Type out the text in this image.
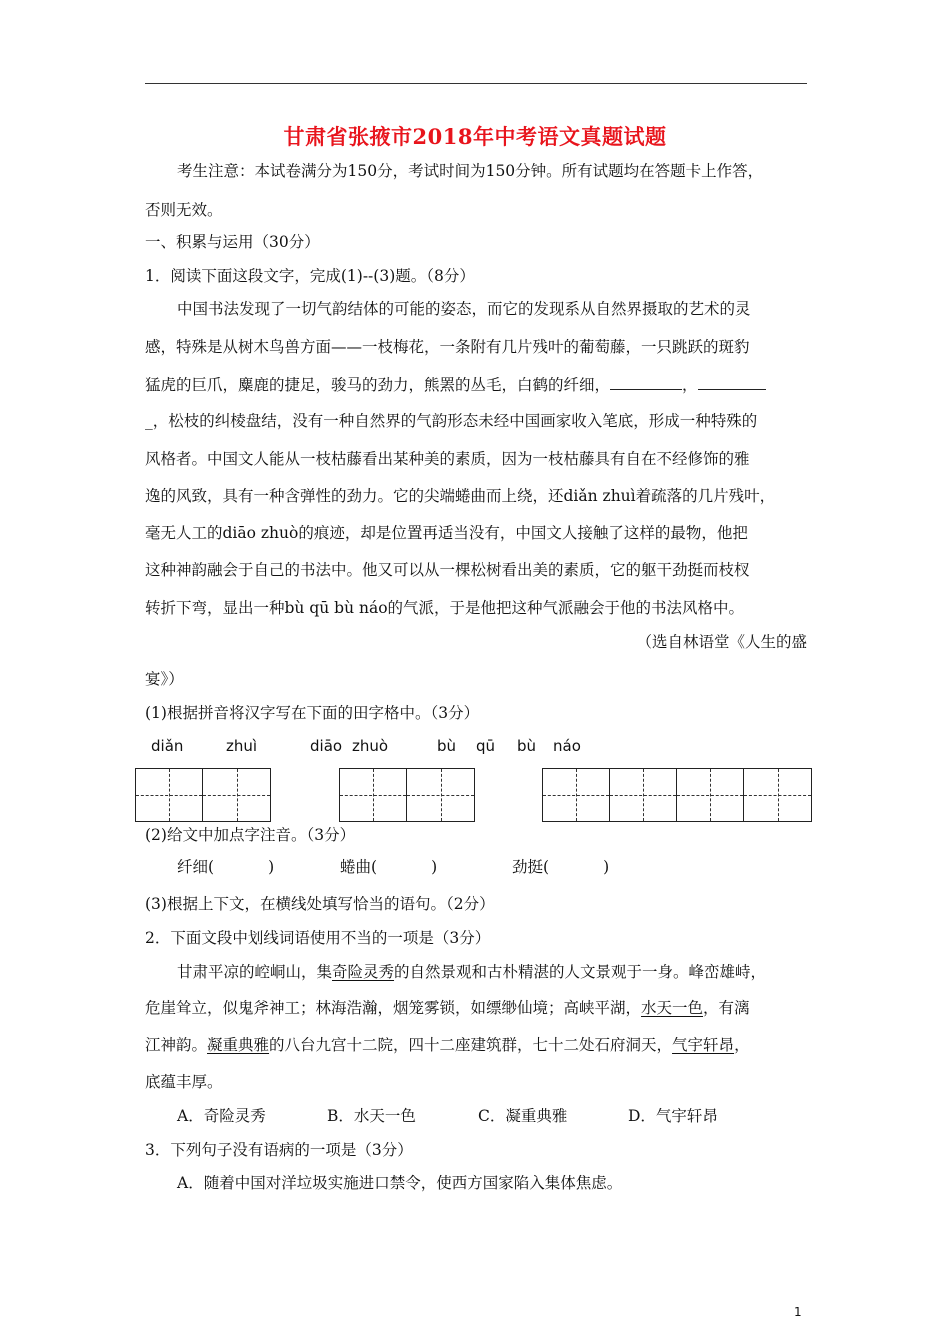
甘肃省张掖市2018年中考语文真题试题
考生注意：本试卷满分为150分，考试时间为150分钟。所有试题均在答题卡上作答，
否则无效。
一、积累与运用（30分）
1．阅读下面这段文字，完成(1)--(3)题。（8分）
中国书法发现了一切气韵结体的可能的姿态，而它的发现系从自然界摄取的艺术的灵
感，特殊是从树木鸟兽方面——一枝梅花，一条附有几片残叶的葡萄藤，一只跳跃的斑豹
猛虎的巨爪，麋鹿的捷足，骏马的劲力，熊罴的丛毛，白鹤的纤细，	，
_，松枝的纠棱盘结，没有一种自然界的气韵形态未经中国画家收入笔底，形成一种特殊的
风格者。中国文人能从一枝枯藤看出某种美的素质，因为一枝枯藤具有自在不经修饰的雅
逸的风致，具有一种含弹性的劲力。它的尖端蜷曲而上绕，还diǎn zhuì着疏落的几片残叶，
毫无人工的diāo zhuò的痕迹，却是位置再适当没有，中国文人接触了这样的最物，他把
这种神韵融会于自己的书法中。他又可以从一棵松树看出美的素质，它的躯干劲挺而枝杈
转折下弯，显出一种bù qū bù náo的气派，于是他把这种气派融会于他的书法风格中。
（选自林语堂《人生的盛
宴》）
(1)根据拼音将汉字写在下面的田字格中。（3分）
diǎn	zhuì	diāo zhuò	bù qū bù náo
(2)给文中加点字注音。（3分）
纤细(	)	蜷曲(	)	劲挺(	)
(3)根据上下文，在横线处填写恰当的语句。（2分）
2．下面文段中划线词语使用不当的一项是（3分）
甘肃平凉的崆峒山，集奇险灵秀的自然景观和古朴精湛的人文景观于一身。峰峦雄峙，
危崖耸立，似鬼斧神工；林海浩瀚，烟笼雾锁，如缥缈仙境；高峡平湖，水天一色，有漓
江神韵。凝重典雅的八台九宫十二院，四十二座建筑群，七十二处石府洞天，气宇轩昂，
底蕴丰厚。
A．奇险灵秀	B．水天一色	C．凝重典雅	D．气宇轩昂
3．下列句子没有语病的一项是（3分）
A．随着中国对洋垃圾实施进口禁令，使西方国家陷入集体焦虑。
1
